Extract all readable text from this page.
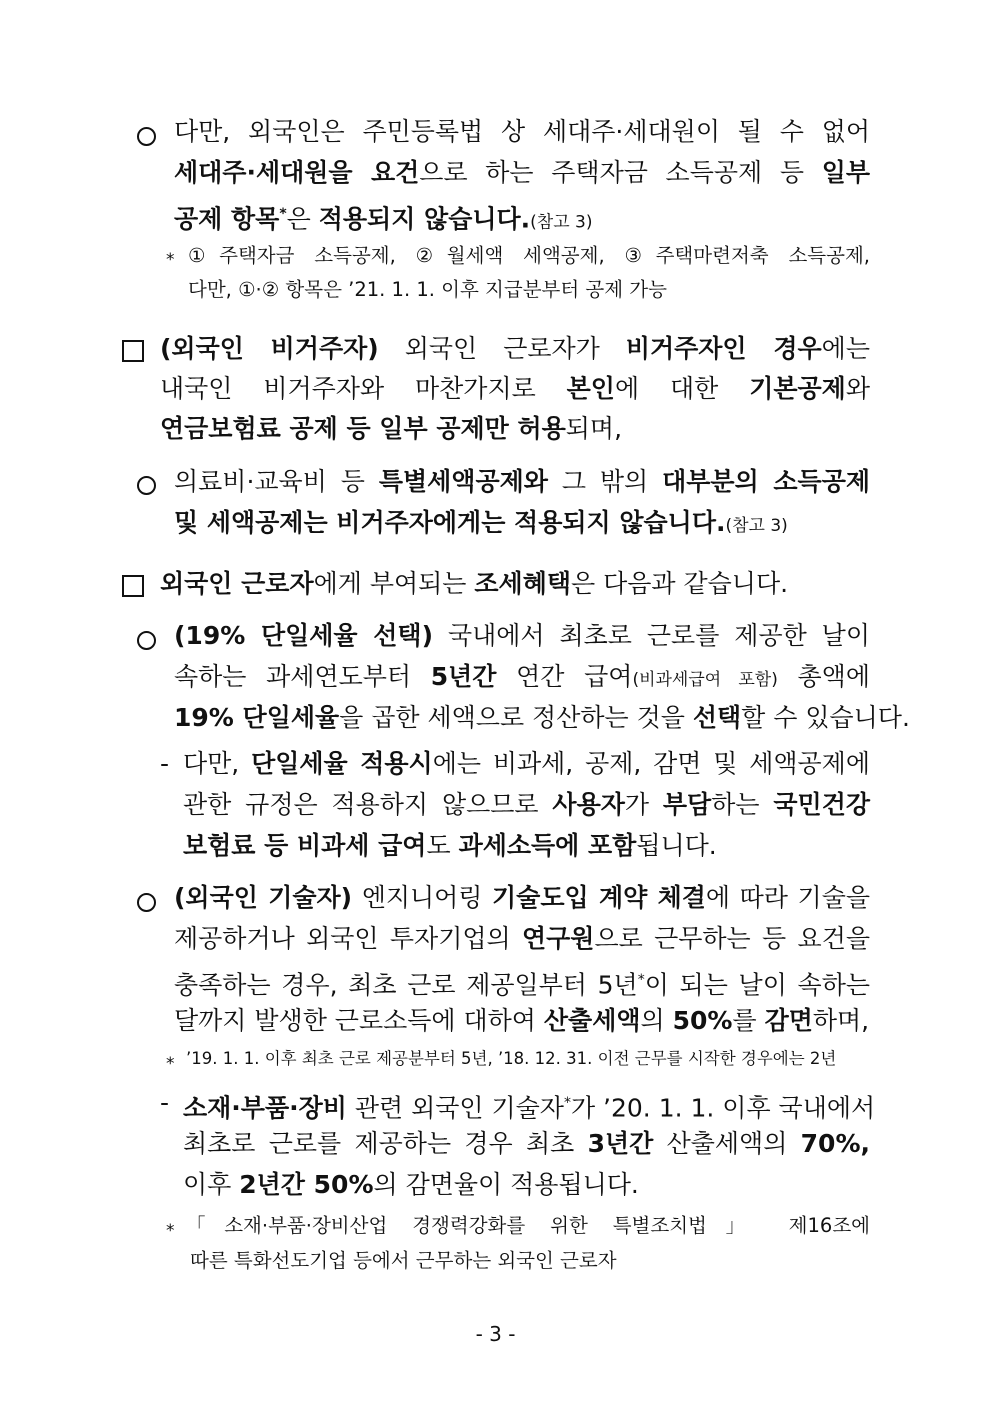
다만, 외국인은 주민등록법 상 세대주·세대원이 될 수 없어
세대주·세대원을 요건으로 하는 주택자금 소득공제 등 일부
공제 항목*은 적용되지 않습니다.(참고 3)
* ①주택자금 소득공제, ②월세액 세액공제, ③주택마련저축 소득공제,
다만, ①·② 항목은 ’21. 1. 1. 이후 지급분부터 공제 가능
(외국인 비거주자) 외국인 근로자가 비거주자인 경우에는
내국인 비거주자와 마찬가지로 본인에 대한 기본공제와
연금보험료 공제 등 일부 공제만 허용되며,
의료비·교육비 등 특별세액공제와 그 밖의 대부분의 소득공제
및 세액공제는 비거주자에게는 적용되지 않습니다.(참고 3)
외국인 근로자에게 부여되는 조세혜택은 다음과 같습니다.
(19% 단일세율 선택) 국내에서 최초로 근로를 제공한 날이
속하는 과세연도부터 5년간 연간 급여(비과세급여 포함) 총액에
19% 단일세율을 곱한 세액으로 정산하는 것을 선택할 수 있습니다.
- 다만, 단일세율 적용시에는 비과세, 공제, 감면 및 세액공제에
관한 규정은 적용하지 않으므로 사용자가 부담하는 국민건강
보험료 등 비과세 급여도 과세소득에 포함됩니다.
(외국인 기술자) 엔지니어링 기술도입 계약 체결에 따라 기술을
제공하거나 외국인 투자기업의 연구원으로 근무하는 등 요건을
충족하는 경우, 최초 근로 제공일부터 5년*이 되는 날이 속하는
달까지 발생한 근로소득에 대하여 산출세액의 50%를 감면하며,
* ’19. 1. 1. 이후 최초 근로 제공분부터 5년, ’18. 12. 31. 이전 근무를 시작한 경우에는 2년
- 소재·부품·장비 관련 외국인 기술자*가 ’20. 1. 1. 이후 국내에서
최초로 근로를 제공하는 경우 최초 3년간 산출세액의 70%,
이후 2년간 50%의 감면율이 적용됩니다.
* 「소재·부품·장비산업 경쟁력강화를 위한 특별조치법」 제16조에
따른 특화선도기업 등에서 근무하는 외국인 근로자
- 3 -
